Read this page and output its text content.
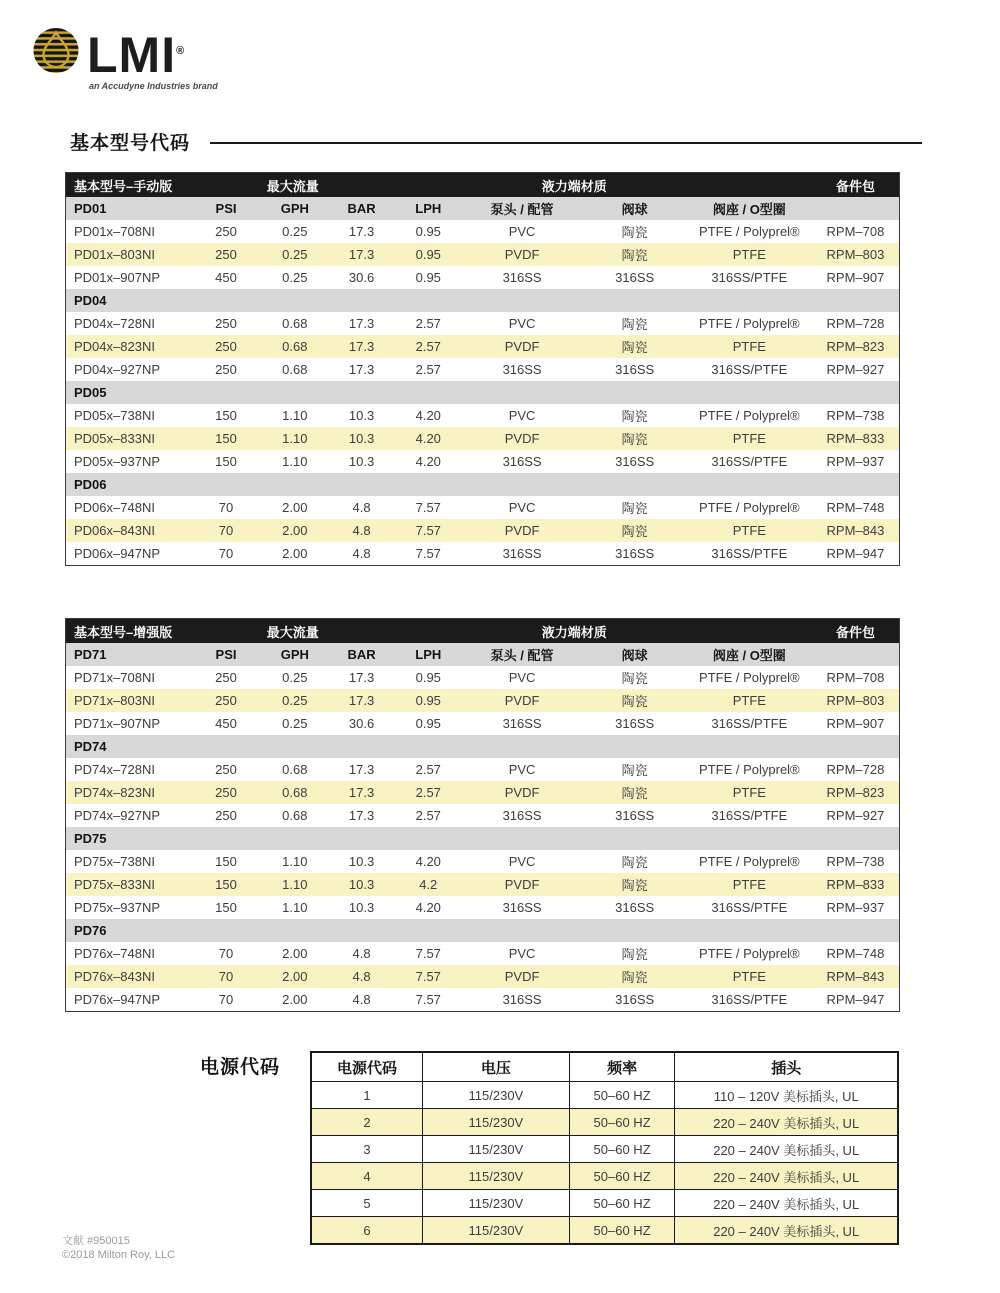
LMI®
an Accudyne Industries brand
基本型号代码
基本型号–手动版	最大流量				液力端材质			备件包
PD01	PSI	GPH	BAR	LPH	泵头 / 配管	阀球	阀座 / O型圈	
PD01x–708NI	250	0.25	17.3	0.95	PVC	陶瓷	PTFE / Polyprel®	RPM–708
PD01x–803NI	250	0.25	17.3	0.95	PVDF	陶瓷	PTFE	RPM–803
PD01x–907NP	450	0.25	30.6	0.95	316SS	316SS	316SS/PTFE	RPM–907
PD04								
PD04x–728NI	250	0.68	17.3	2.57	PVC	陶瓷	PTFE / Polyprel®	RPM–728
PD04x–823NI	250	0.68	17.3	2.57	PVDF	陶瓷	PTFE	RPM–823
PD04x–927NP	250	0.68	17.3	2.57	316SS	316SS	316SS/PTFE	RPM–927
PD05								
PD05x–738NI	150	1.10	10.3	4.20	PVC	陶瓷	PTFE / Polyprel®	RPM–738
PD05x–833NI	150	1.10	10.3	4.20	PVDF	陶瓷	PTFE	RPM–833
PD05x–937NP	150	1.10	10.3	4.20	316SS	316SS	316SS/PTFE	RPM–937
PD06								
PD06x–748NI	70	2.00	4.8	7.57	PVC	陶瓷	PTFE / Polyprel®	RPM–748
PD06x–843NI	70	2.00	4.8	7.57	PVDF	陶瓷	PTFE	RPM–843
PD06x–947NP	70	2.00	4.8	7.57	316SS	316SS	316SS/PTFE	RPM–947
基本型号–增强版	最大流量				液力端材质			备件包
PD71	PSI	GPH	BAR	LPH	泵头 / 配管	阀球	阀座 / O型圈	
PD71x–708NI	250	0.25	17.3	0.95	PVC	陶瓷	PTFE / Polyprel®	RPM–708
PD71x–803NI	250	0.25	17.3	0.95	PVDF	陶瓷	PTFE	RPM–803
PD71x–907NP	450	0.25	30.6	0.95	316SS	316SS	316SS/PTFE	RPM–907
PD74								
PD74x–728NI	250	0.68	17.3	2.57	PVC	陶瓷	PTFE / Polyprel®	RPM–728
PD74x–823NI	250	0.68	17.3	2.57	PVDF	陶瓷	PTFE	RPM–823
PD74x–927NP	250	0.68	17.3	2.57	316SS	316SS	316SS/PTFE	RPM–927
PD75								
PD75x–738NI	150	1.10	10.3	4.20	PVC	陶瓷	PTFE / Polyprel®	RPM–738
PD75x–833NI	150	1.10	10.3	4.2	PVDF	陶瓷	PTFE	RPM–833
PD75x–937NP	150	1.10	10.3	4.20	316SS	316SS	316SS/PTFE	RPM–937
PD76								
PD76x–748NI	70	2.00	4.8	7.57	PVC	陶瓷	PTFE / Polyprel®	RPM–748
PD76x–843NI	70	2.00	4.8	7.57	PVDF	陶瓷	PTFE	RPM–843
PD76x–947NP	70	2.00	4.8	7.57	316SS	316SS	316SS/PTFE	RPM–947
电源代码	电源代码	电压	频率	插头
1	115/230V	50–60 HZ	110 – 120V 美标插头, UL
2	115/230V	50–60 HZ	220 – 240V 美标插头, UL
3	115/230V	50–60 HZ	220 – 240V 美标插头, UL
4	115/230V	50–60 HZ	220 – 240V 美标插头, UL
5	115/230V	50–60 HZ	220 – 240V 美标插头, UL
6	115/230V	50–60 HZ	220 – 240V 美标插头, UL
文献 #950015
©2018 Milton Roy, LLC
